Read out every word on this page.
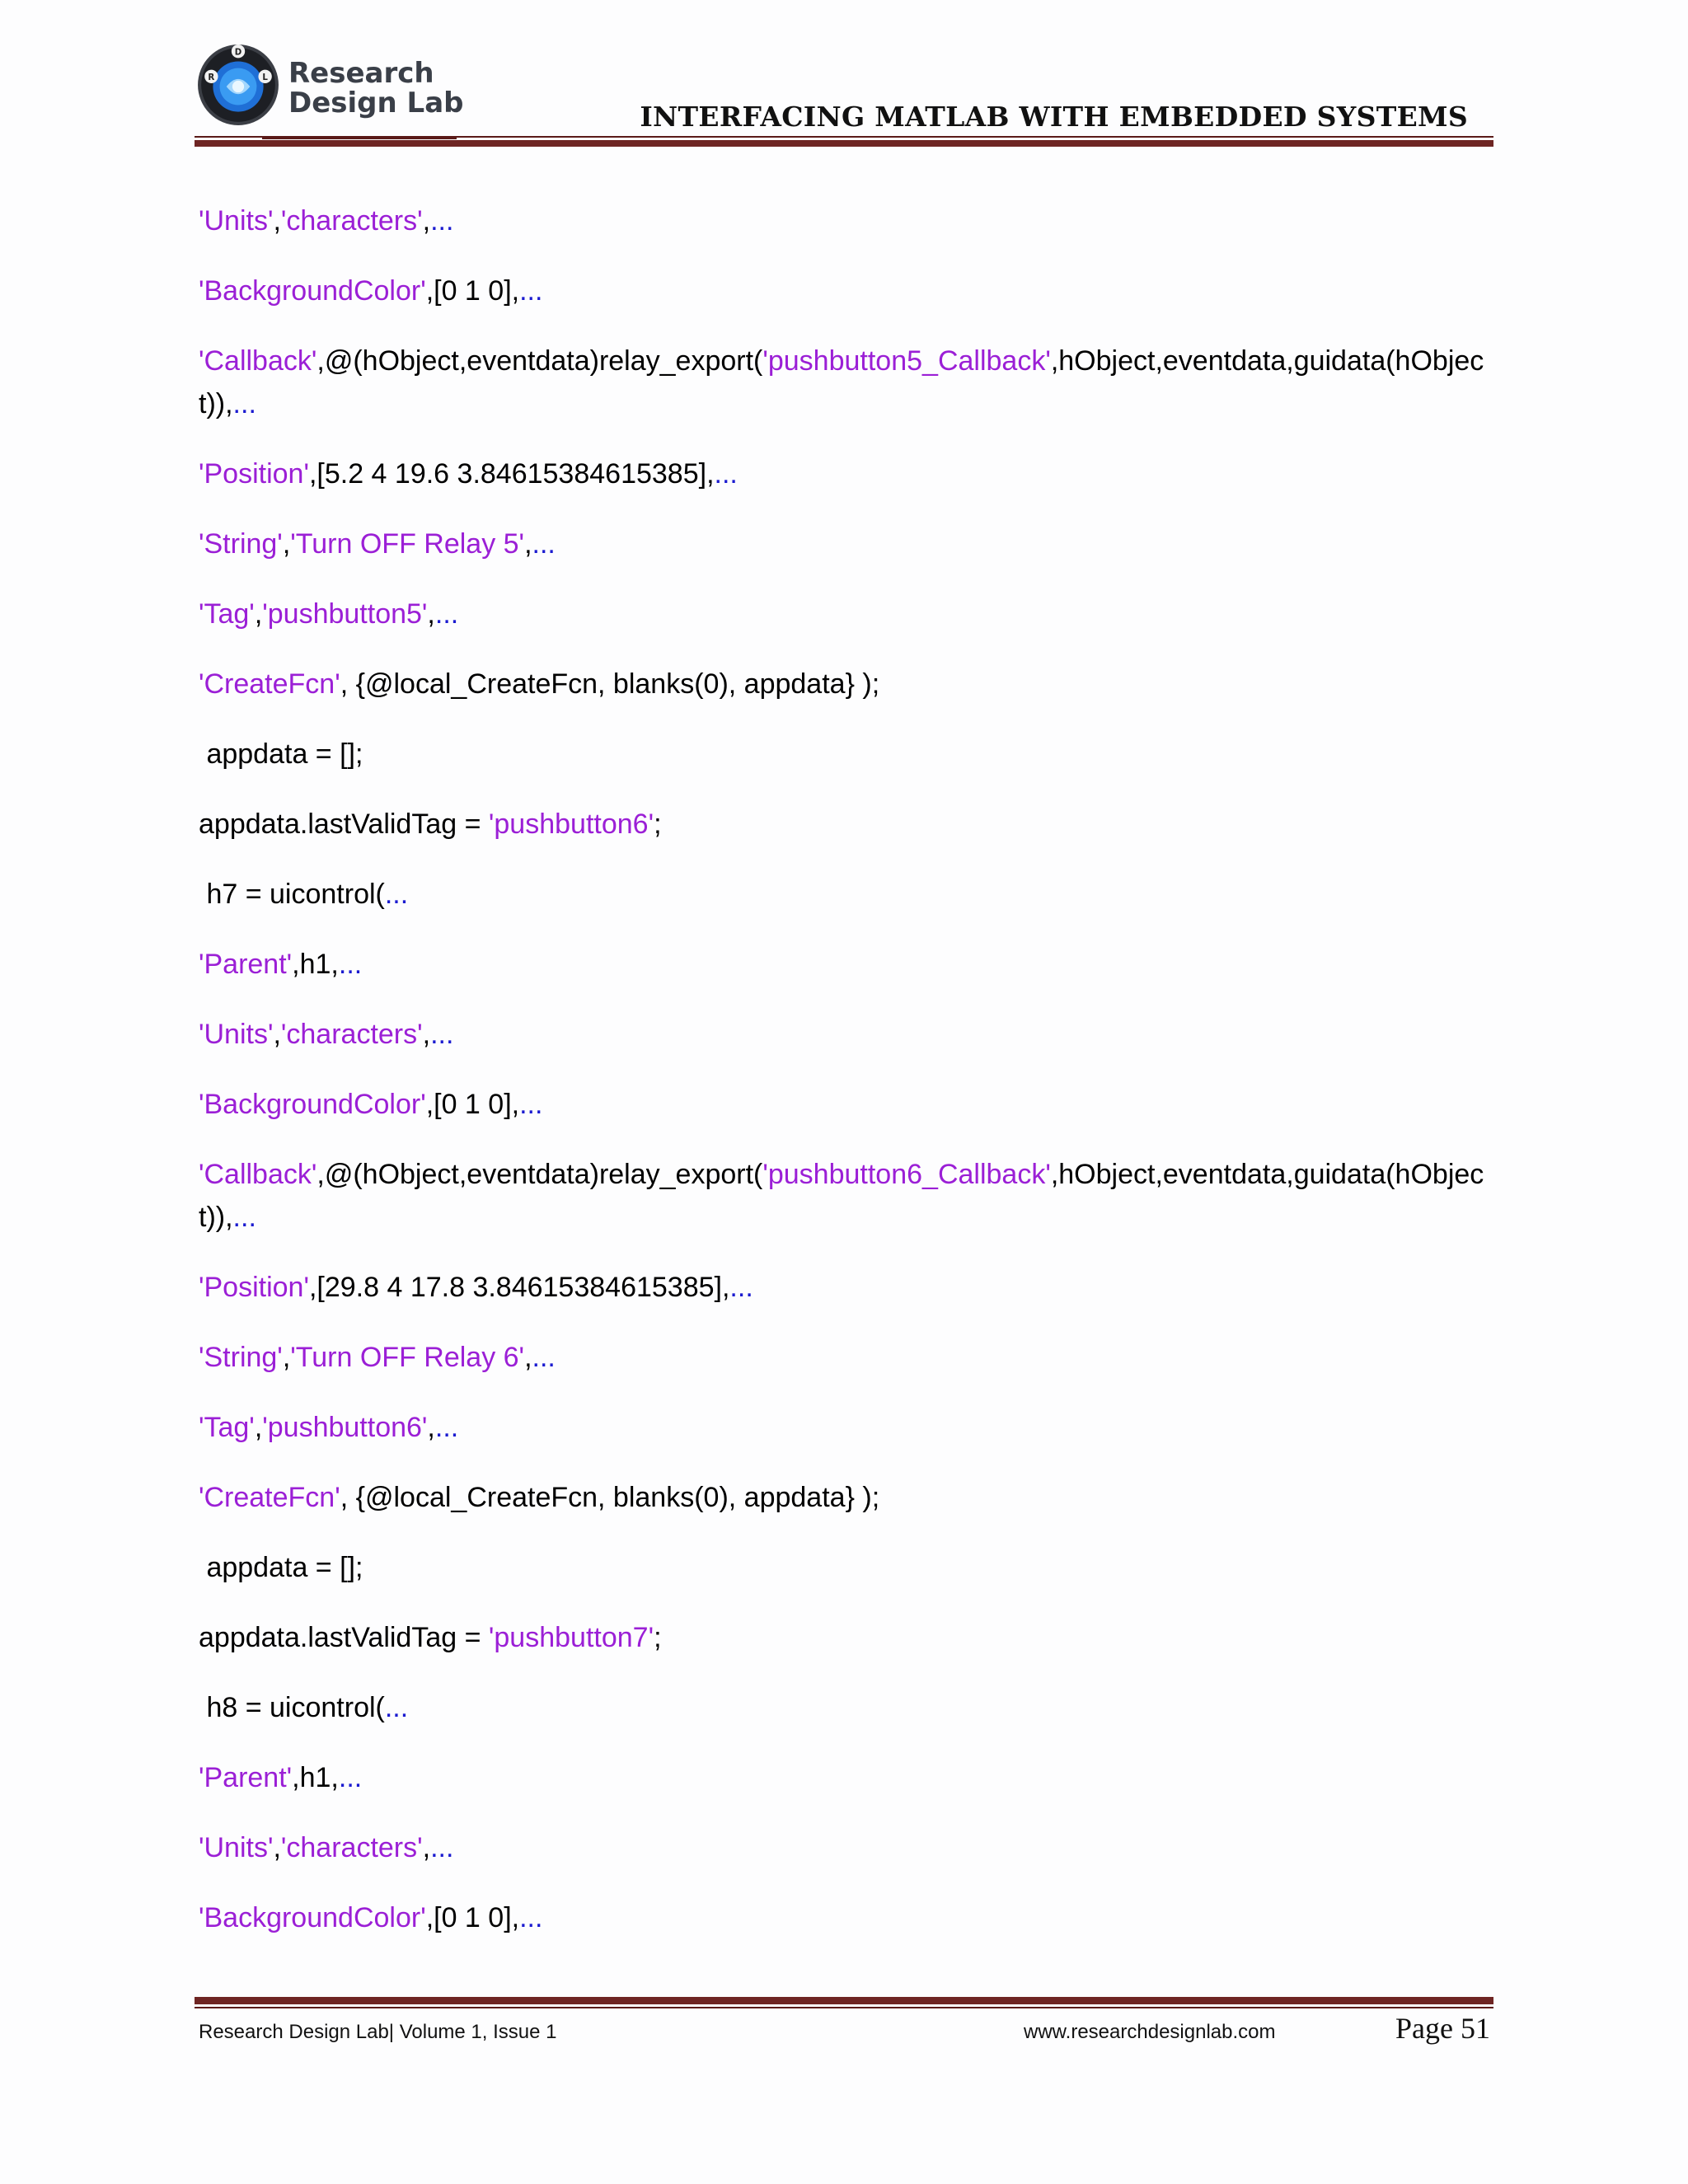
R
D
L Research
Design Lab	INTERFACING MATLAB WITH EMBEDDED SYSTEMS
'Units','characters',...
'BackgroundColor',[0 1 0],...
'Callback',@(hObject,eventdata)relay_export('pushbutton5_Callback',hObject,eventdata,guidata(hObject)),...
'Position',[5.2 4 19.6 3.84615384615385],...
'String','Turn OFF Relay 5',...
'Tag','pushbutton5',...
'CreateFcn', {@local_CreateFcn, blanks(0), appdata} );
appdata = [];
appdata.lastValidTag = 'pushbutton6';
h7 = uicontrol(...
'Parent',h1,...
'Units','characters',...
'BackgroundColor',[0 1 0],...
'Callback',@(hObject,eventdata)relay_export('pushbutton6_Callback',hObject,eventdata,guidata(hObject)),...
'Position',[29.8 4 17.8 3.84615384615385],...
'String','Turn OFF Relay 6',...
'Tag','pushbutton6',...
'CreateFcn', {@local_CreateFcn, blanks(0), appdata} );
appdata = [];
appdata.lastValidTag = 'pushbutton7';
h8 = uicontrol(...
'Parent',h1,...
'Units','characters',...
'BackgroundColor',[0 1 0],...
Research Design Lab| Volume 1, Issue 1	www.researchdesignlab.com	Page 51
